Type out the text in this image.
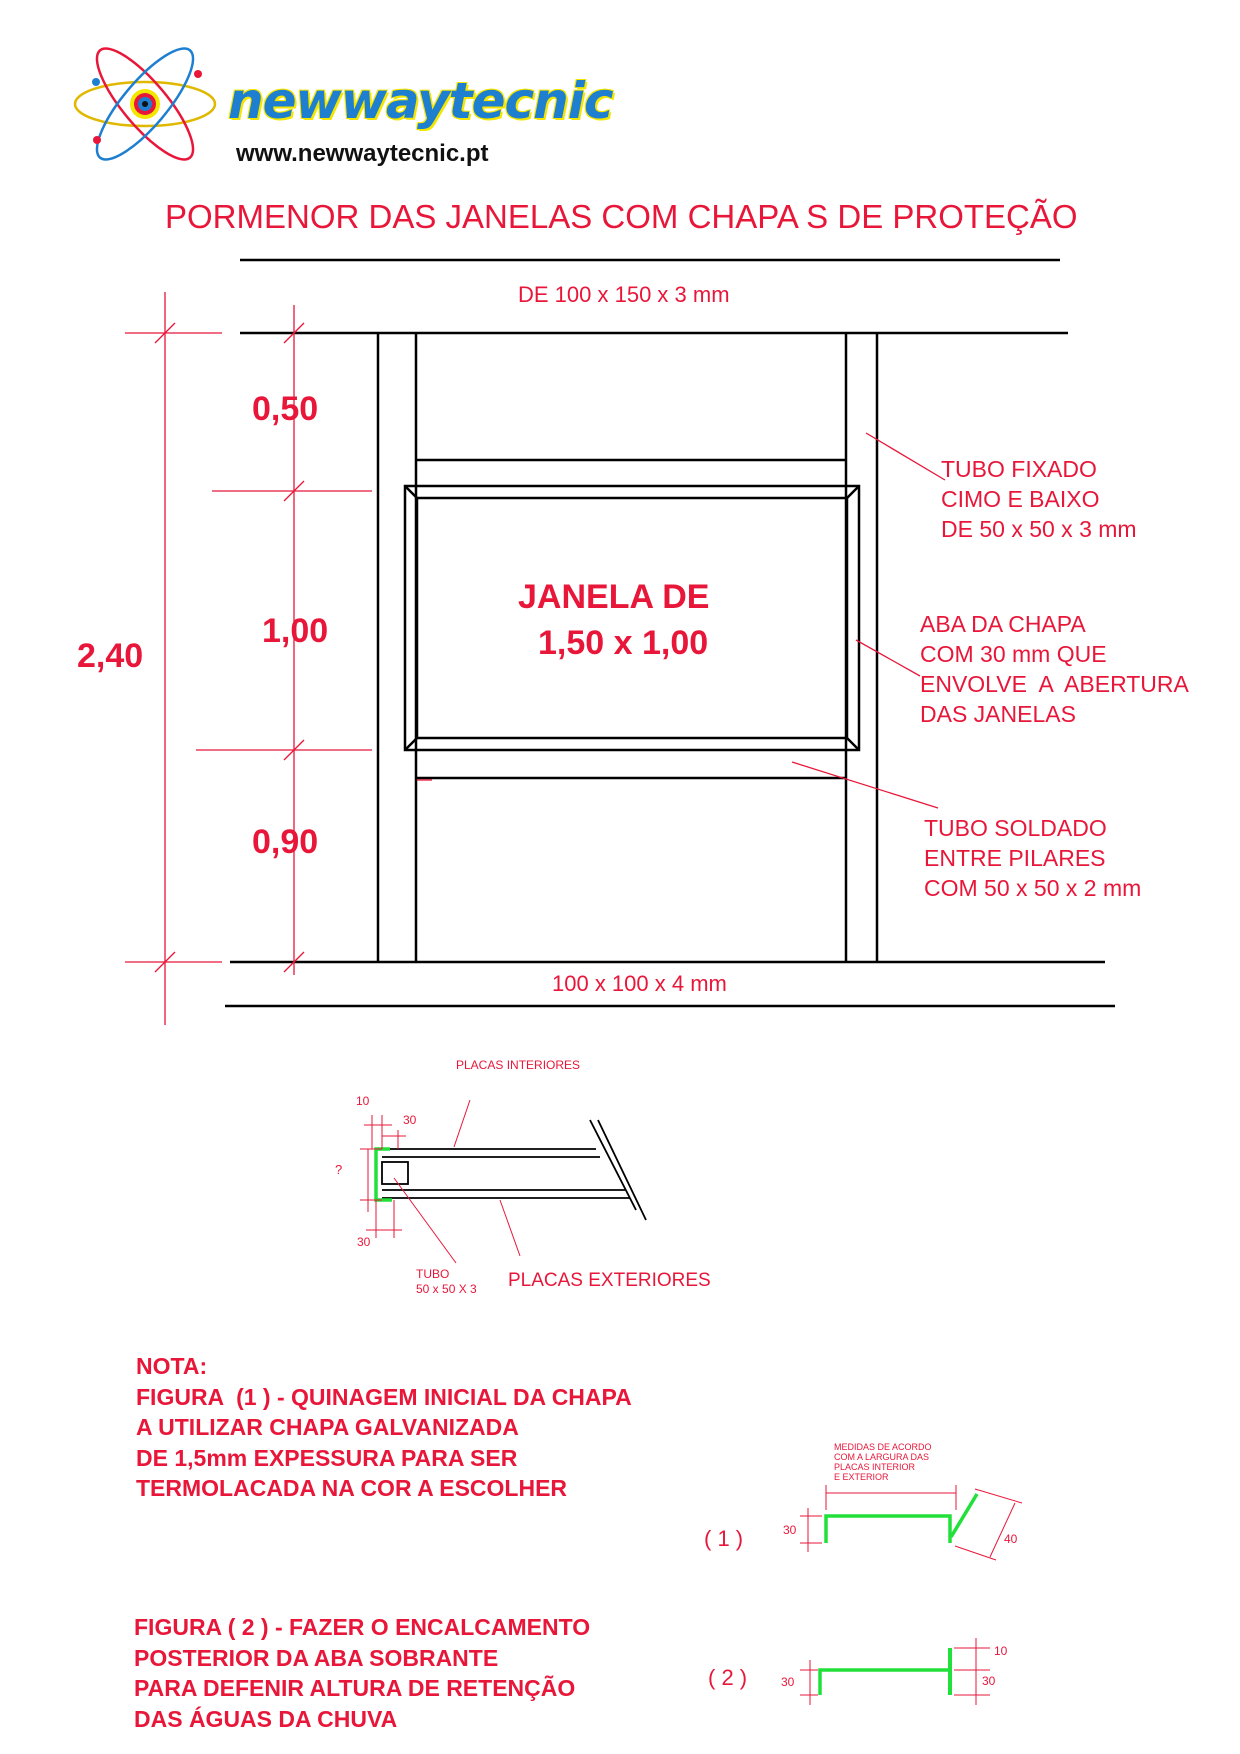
newwaytecnic
www.newwaytecnic.pt
PORMENOR DAS JANELAS COM CHAPA S DE PROTEÇÃO
DE 100 x 150 x 3 mm
100 x 100 x 4 mm
2,40
0,50
1,00
0,90
JANELA DE
1,50 x 1,00
TUBO FIXADO
CIMO E BAIXO
DE 50 x 50 x 3 mm
ABA DA CHAPA
COM 30 mm QUE
ENVOLVE  A  ABERTURA
DAS JANELAS
TUBO SOLDADO
ENTRE PILARES
COM 50 x 50 x 2 mm
PLACAS INTERIORES
PLACAS EXTERIORES
TUBO
50 x 50 X 3
10
30
30
?
NOTA:
FIGURA  (1 ) - QUINAGEM INICIAL DA CHAPA
A UTILIZAR CHAPA GALVANIZADA
DE 1,5mm EXPESSURA PARA SER
TERMOLACADA NA COR A ESCOLHER
FIGURA ( 2 ) - FAZER O ENCALCAMENTO
POSTERIOR DA ABA SOBRANTE
PARA DEFENIR ALTURA DE RETENÇÃO
DAS ÁGUAS DA CHUVA
( 1 )
MEDIDAS DE ACORDO
COM A LARGURA DAS
PLACAS INTERIOR
E EXTERIOR
30
40
( 2 )	30
10
30
